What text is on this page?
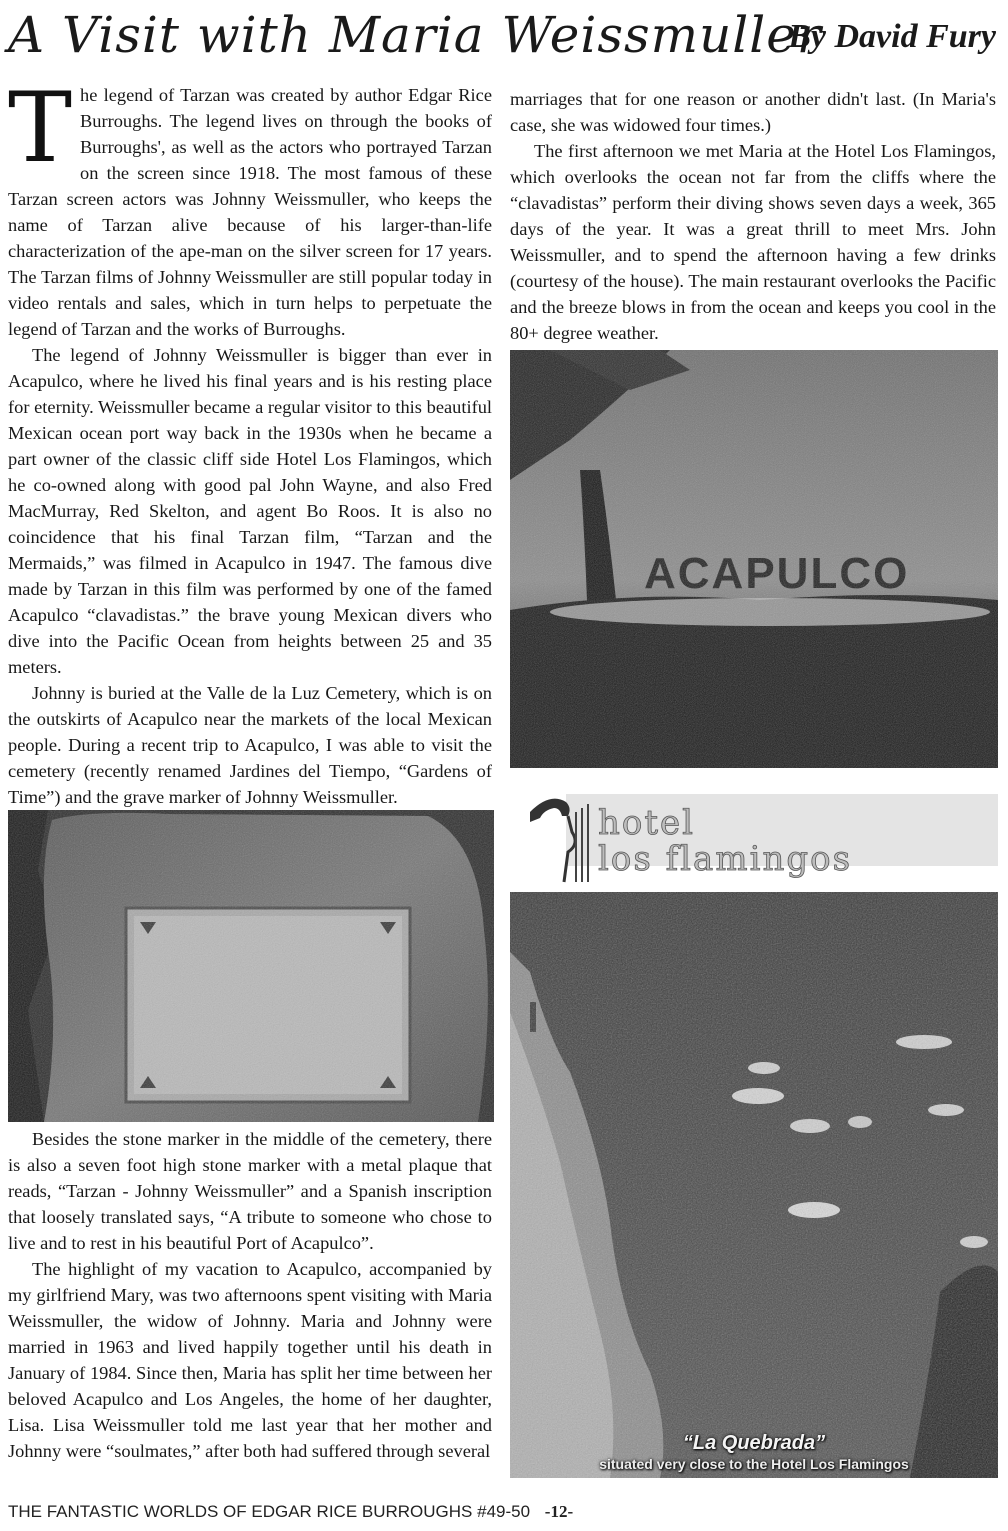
A Visit with Maria Weissmuller
By David Fury

The legend of Tarzan was created by author Edgar Rice Burroughs. The legend lives on through the books of Burroughs', as well as the actors who portrayed Tarzan on the screen since 1918. The most famous of these Tarzan screen actors was Johnny Weissmuller, who keeps the name of Tarzan alive because of his larger-than-life characterization of the ape-man on the silver screen for 17 years. The Tarzan films of Johnny Weissmuller are still popular today in video rentals and sales, which in turn helps to perpetuate the legend of Tarzan and the works of Burroughs.

The legend of Johnny Weissmuller is bigger than ever in Acapulco, where he lived his final years and is his resting place for eternity. Weissmuller became a regular visitor to this beautiful Mexican ocean port way back in the 1930s when he became a part owner of the classic cliff side Hotel Los Flamingos, which he co-owned along with good pal John Wayne, and also Fred MacMurray, Red Skelton, and agent Bo Roos. It is also no coincidence that his final Tarzan film, “Tarzan and the Mermaids,” was filmed in Acapulco in 1947. The famous dive made by Tarzan in this film was performed by one of the famed Acapulco “clavadistas.” the brave young Mexican divers who dive into the Pacific Ocean from heights between 25 and 35 meters.

Johnny is buried at the Valle de la Luz Cemetery, which is on the outskirts of Acapulco near the markets of the local Mexican people. During a recent trip to Acapulco, I was able to visit the cemetery (recently renamed Jardines del Tiempo, “Gardens of Time”) and the grave marker of Johnny Weissmuller.

Besides the stone marker in the middle of the cemetery, there is also a seven foot high stone marker with a metal plaque that reads, “Tarzan - Johnny Weissmuller” and a Spanish inscription that loosely translated says, “A tribute to someone who chose to live and to rest in his beautiful Port of Acapulco”.

The highlight of my vacation to Acapulco, accompanied by my girlfriend Mary, was two afternoons spent visiting with Maria Weissmuller, the widow of Johnny. Maria and Johnny were married in 1963 and lived happily together until his death in January of 1984. Since then, Maria has split her time between her beloved Acapulco and Los Angeles, the home of her daughter, Lisa. Lisa Weissmuller told me last year that her mother and Johnny were “soulmates,” after both had suffered through several

marriages that for one reason or another didn't last. (In Maria's case, she was widowed four times.)

The first afternoon we met Maria at the Hotel Los Flamingos, which overlooks the ocean not far from the cliffs where the “clavadistas” perform their diving shows seven days a week, 365 days of the year. It was a great thrill to meet Mrs. John Weissmuller, and to spend the afternoon having a few drinks (courtesy of the house). The main restaurant overlooks the Pacific and the breeze blows in from the ocean and keeps you cool in the 80+ degree weather.

hotel
los flamingos
“La Quebrada”
situated very close to the Hotel Los Flamingos
THE FANTASTIC WORLDS OF EDGAR RICE BURROUGHS #49-50 -12-
